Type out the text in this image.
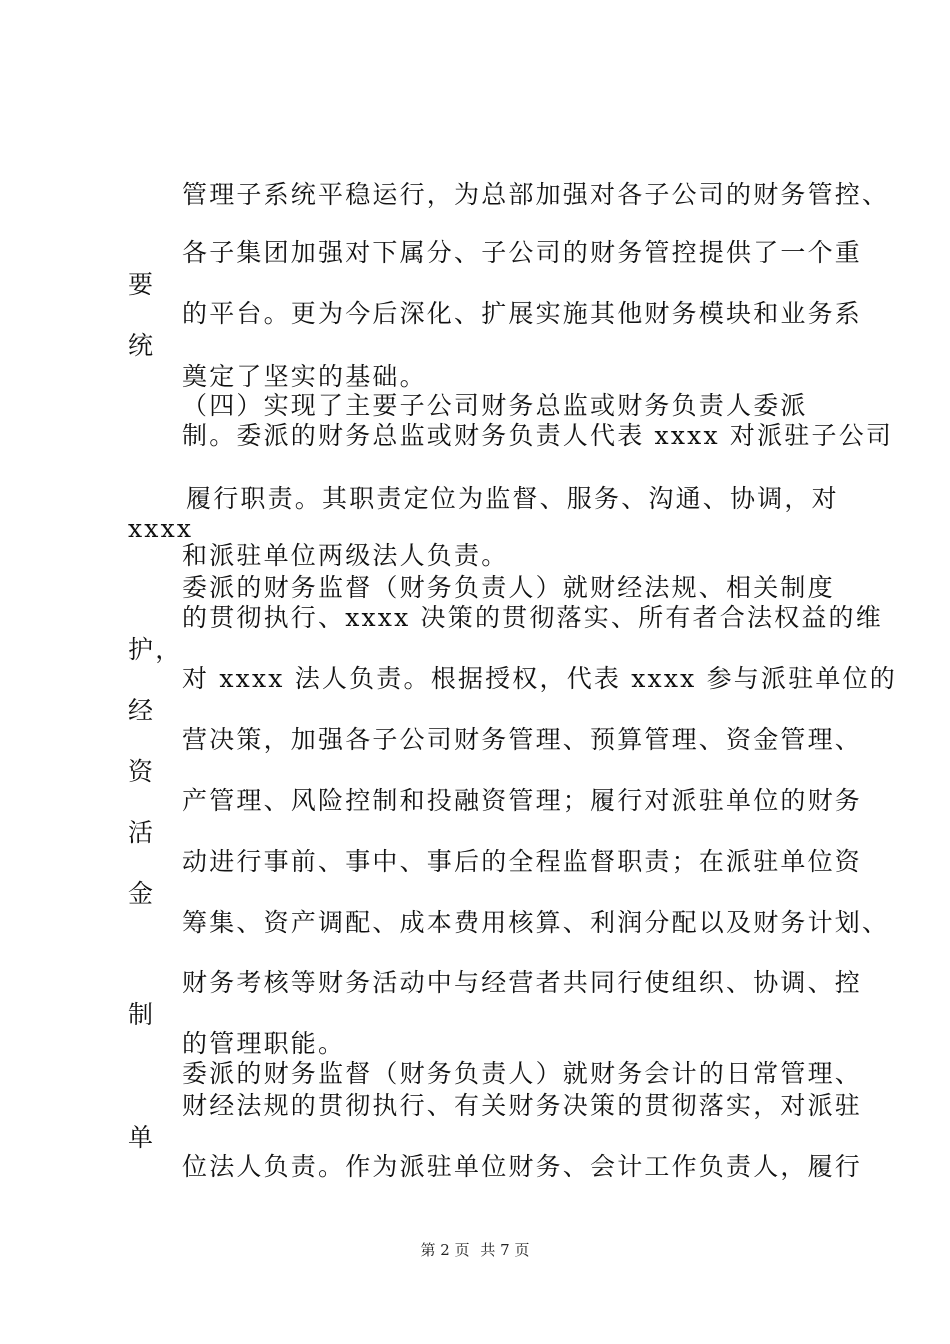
管理子系统平稳运行，为总部加强对各子公司的财务管控、
各子集团加强对下属分、子公司的财务管控提供了一个重
要
的平台。更为今后深化、扩展实施其他财务模块和业务系
统
奠定了坚实的基础。
（四）实现了主要子公司财务总监或财务负责人委派
制。委派的财务总监或财务负责人代表 xxxx 对派驻子公司
履行职责。其职责定位为监督、服务、沟通、协调，对
xxxx
和派驻单位两级法人负责。
委派的财务监督（财务负责人）就财经法规、相关制度
的贯彻执行、xxxx 决策的贯彻落实、所有者合法权益的维
护，
对 xxxx 法人负责。根据授权，代表 xxxx 参与派驻单位的
经
营决策，加强各子公司财务管理、预算管理、资金管理、
资
产管理、风险控制和投融资管理；履行对派驻单位的财务
活
动进行事前、事中、事后的全程监督职责；在派驻单位资
金
筹集、资产调配、成本费用核算、利润分配以及财务计划、
财务考核等财务活动中与经营者共同行使组织、协调、控
制
的管理职能。
委派的财务监督（财务负责人）就财务会计的日常管理、
财经法规的贯彻执行、有关财务决策的贯彻落实，对派驻
单
位法人负责。作为派驻单位财务、会计工作负责人，履行
第 2 页 共 7 页
